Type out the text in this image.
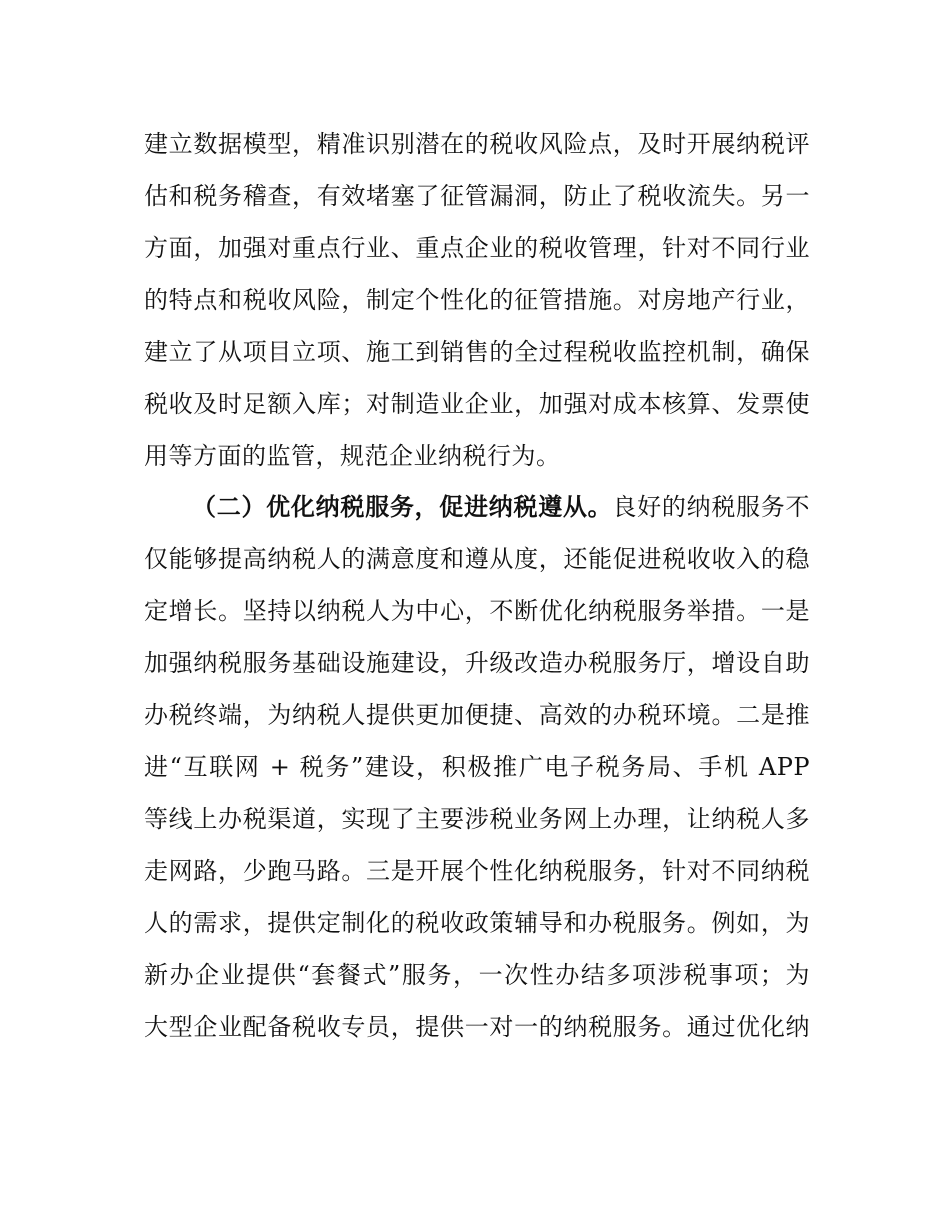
建立数据模型，精准识别潜在的税收风险点，及时开展纳税评
估和税务稽查，有效堵塞了征管漏洞，防止了税收流失。另一
方面，加强对重点行业、重点企业的税收管理，针对不同行业
的特点和税收风险，制定个性化的征管措施。对房地产行业，
建立了从项目立项、施工到销售的全过程税收监控机制，确保
税收及时足额入库；对制造业企业，加强对成本核算、发票使
用等方面的监管，规范企业纳税行为。
（二）优化纳税服务，促进纳税遵从。良好的纳税服务不
仅能够提高纳税人的满意度和遵从度，还能促进税收收入的稳
定增长。坚持以纳税人为中心，不断优化纳税服务举措。一是
加强纳税服务基础设施建设，升级改造办税服务厅，增设自助
办税终端，为纳税人提供更加便捷、高效的办税环境。二是推
进“互联网 + 税务”建设，积极推广电子税务局、手机 APP
等线上办税渠道，实现了主要涉税业务网上办理，让纳税人多
走网路，少跑马路。三是开展个性化纳税服务，针对不同纳税
人的需求，提供定制化的税收政策辅导和办税服务。例如，为
新办企业提供“套餐式”服务，一次性办结多项涉税事项；为
大型企业配备税收专员，提供一对一的纳税服务。通过优化纳
